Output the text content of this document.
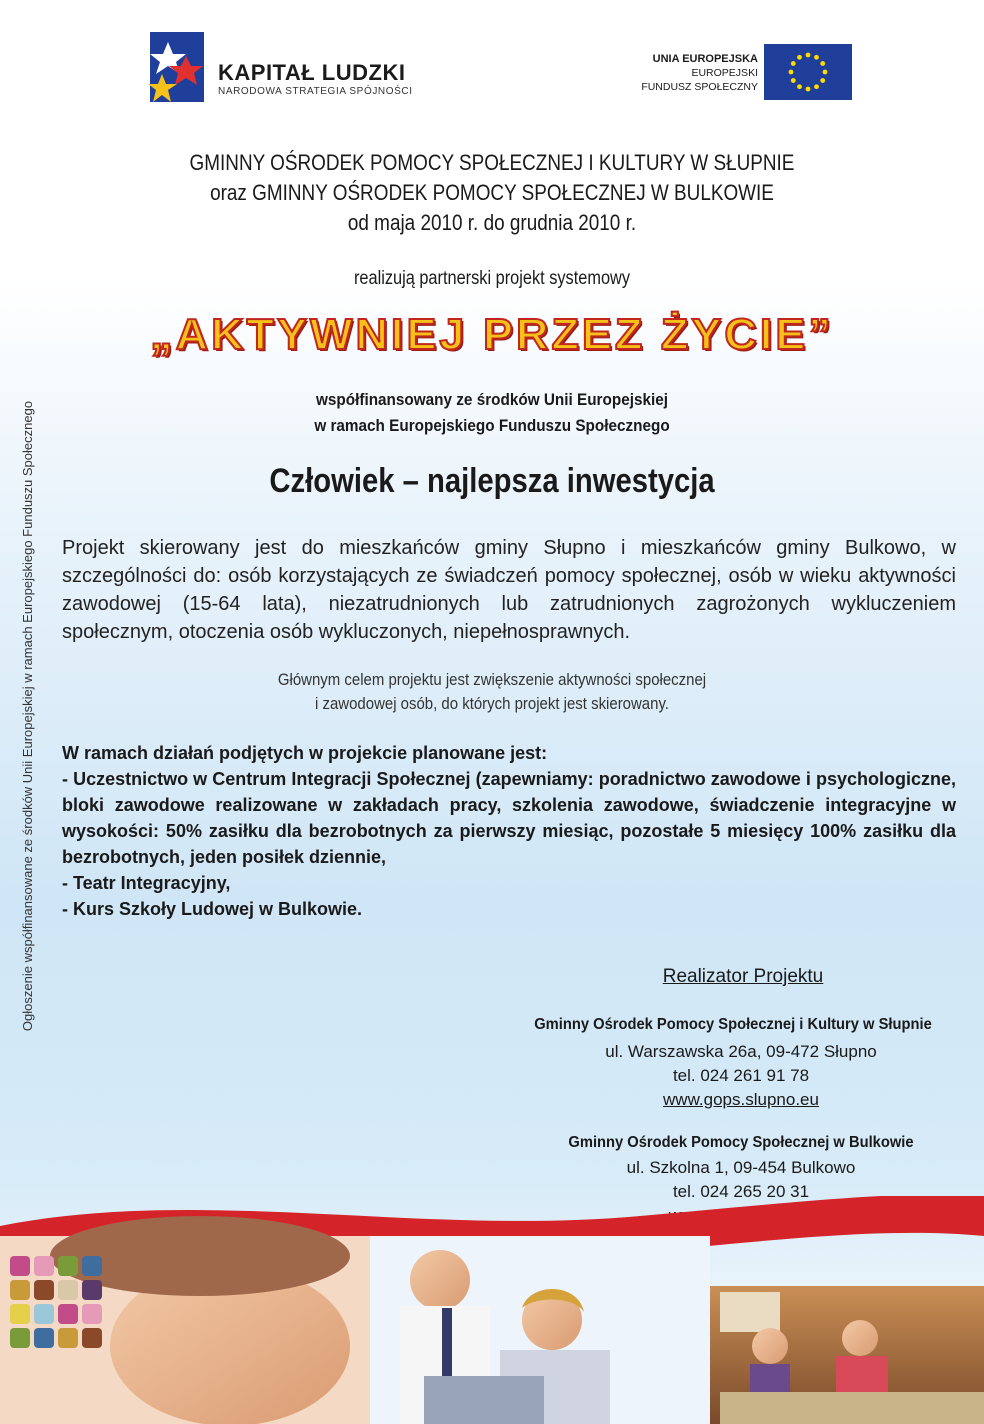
KAPITAŁ LUDZKI
NARODOWA STRATEGIA SPÓJNOŚCI
UNIA EUROPEJSKA
EUROPEJSKI
FUNDUSZ SPOŁECZNY
GMINNY OŚRODEK POMOCY SPOŁECZNEJ I KULTURY W SŁUPNIE
oraz GMINNY OŚRODEK POMOCY SPOŁECZNEJ W BULKOWIE
od maja 2010 r. do grudnia 2010 r.
realizują partnerski projekt systemowy
„AKTYWNIEJ PRZEZ ŻYCIE”
współfinansowany ze środków Unii Europejskiej
w ramach Europejskiego Funduszu Społecznego
Człowiek – najlepsza inwestycja
Projekt skierowany jest do mieszkańców gminy Słupno i mieszkańców gminy Bulkowo, w szczególności do: osób korzystających ze świadczeń pomocy społecznej, osób w wieku aktywności zawodowej (15-64 lata), niezatrudnionych lub zatrudnionych zagrożonych wykluczeniem społecznym, otoczenia osób wykluczonych, niepełnosprawnych.
Głównym celem projektu jest zwiększenie aktywności społecznej
i zawodowej osób, do których projekt jest skierowany.
W ramach działań podjętych w projekcie planowane jest:
- Uczestnictwo w Centrum Integracji Społecznej (zapewniamy: poradnictwo zawodowe i psychologiczne, bloki zawodowe realizowane w zakładach pracy, szkolenia zawodowe, świadczenie integracyjne w wysokości: 50% zasiłku dla bezrobotnych za pierwszy miesiąc, pozostałe 5 miesięcy 100% zasiłku dla bezrobotnych, jeden posiłek dziennie,
- Teatr Integracyjny,
- Kurs Szkoły Ludowej w Bulkowie.
Realizator Projektu
Gminny Ośrodek Pomocy Społecznej i Kultury w Słupnie
ul. Warszawska 26a, 09-472 Słupno
tel. 024 261 91 78
www.gops.slupno.eu
Gminny Ośrodek Pomocy Społecznej w Bulkowie
ul. Szkolna 1, 09-454 Bulkowo
tel. 024 265 20 31
Ogłoszenie współfinansowane ze środków Unii Europejskiej w ramach Europejskiego Funduszu Społecznego
